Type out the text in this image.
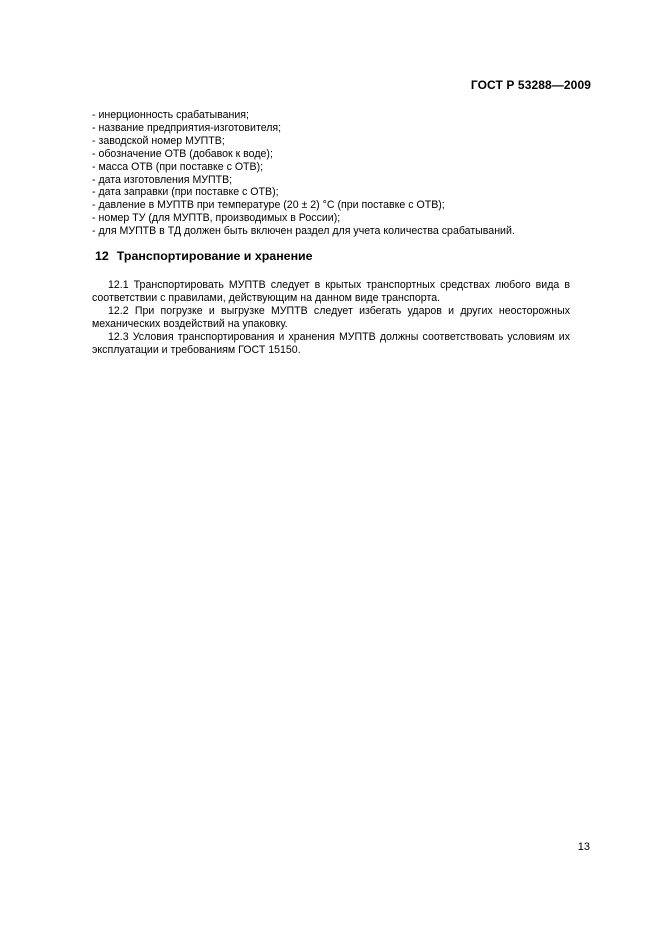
ГОСТ Р 53288—2009
- инерционность срабатывания;
- название предприятия-изготовителя;
- заводской номер МУПТВ;
- обозначение ОТВ (добавок к воде);
- масса ОТВ (при поставке с ОТВ);
- дата изготовления МУПТВ;
- дата заправки (при поставке с ОТВ);
- давление в МУПТВ при температуре (20 ± 2) °С (при поставке с ОТВ);
- номер ТУ (для МУПТВ, производимых в России);
- для МУПТВ в ТД должен быть включен раздел для учета количества срабатываний.
12 Транспортирование и хранение

12.1 Транспортировать МУПТВ следует в крытых транспортных средствах любого вида в соответствии с правилами, действующим на данном виде транспорта.

12.2 При погрузке и выгрузке МУПТВ следует избегать ударов и других неосторожных механических воздействий на упаковку.

12.3 Условия транспортирования и хранения МУПТВ должны соответствовать условиям их эксплуатации и требованиям ГОСТ 15150.

13
